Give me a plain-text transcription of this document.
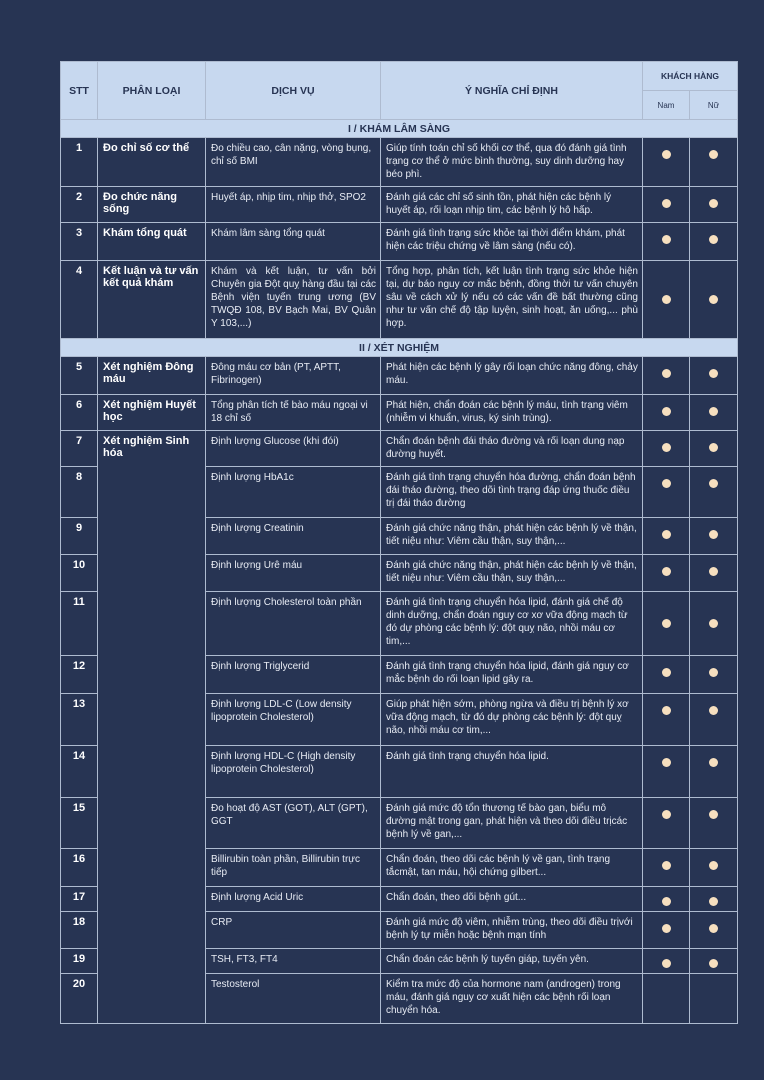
STT	PHÂN LOẠI	DỊCH VỤ	Ý NGHĨA CHỈ ĐỊNH	KHÁCH HÀNG	
				Nam	Nữ
I / KHÁM LÂM SÀNG					
1	Đo chỉ số cơ thể	Đo chiều cao, cân nặng, vòng bụng, chỉ số BMI	Giúp tính toán chỉ số khối cơ thể, qua đó đánh giá tình trạng cơ thể ở mức bình thường, suy dinh dưỡng hay béo phì.		
2	Đo chức năng sống	Huyết áp, nhịp tim, nhịp thở, SPO2	Đánh giá các chỉ số sinh tồn, phát hiện các bệnh lý huyết áp, rối loạn nhịp tim, các bệnh lý hô hấp.		
3	Khám tổng quát	Khám lâm sàng tổng quát	Đánh giá tình trạng sức khỏe tại thời điểm khám, phát hiện các triệu chứng về lâm sàng (nếu có).		
4	Kết luận và tư vấn kết quả khám	Khám và kết luận, tư vấn bởi Chuyên gia Đột quỵ hàng đầu tại các Bệnh viện tuyến trung ương (BV TWQĐ 108, BV Bạch Mai, BV Quân Y 103,...)	Tổng hợp, phân tích, kết luận tình trạng sức khỏe hiện tại, dự báo nguy cơ mắc bệnh, đồng thời tư vấn chuyên sâu về cách xử lý nếu có các vấn đề bất thường cũng như tư vấn chế độ tập luyện, sinh hoạt, ăn uống,... phù hợp.		
II / XÉT NGHIỆM					
5	Xét nghiệm Đông máu	Đông máu cơ bản (PT, APTT, Fibrinogen)	Phát hiện các bệnh lý gây rối loạn chức năng đông, chảy máu.		
6	Xét nghiệm Huyết học	Tổng phân tích tế bào máu ngoại vi 18 chỉ số	Phát hiện, chẩn đoán các bệnh lý máu, tình trạng viêm (nhiễm vi khuẩn, virus, ký sinh trùng).		
7	Xét nghiệm Sinh hóa	Định lượng Glucose (khi đói)	Chẩn đoán bệnh đái tháo đường và rối loạn dung nạp đường huyết.		
8		Định lượng HbA1c	Đánh giá tình trạng chuyển hóa đường, chẩn đoán bệnh đái tháo đường, theo dõi tình trạng đáp ứng thuốc điều trị đái tháo đường		
9		Định lượng Creatinin	Đánh giá chức năng thận, phát hiện các bệnh lý về thận, tiết niệu như: Viêm cầu thận, suy thận,...		
10		Định lượng Urê máu	Đánh giá chức năng thận, phát hiện các bệnh lý về thận, tiết niệu như: Viêm cầu thận, suy thận,...		
11		Định lượng Cholesterol toàn phần	Đánh giá tình trạng chuyển hóa lipid, đánh giá chế độ dinh dưỡng, chẩn đoán nguy cơ xơ vữa động mạch từ đó dự phòng các bệnh lý: đột quỵ não, nhồi máu cơ tim,...		
12		Định lượng Triglycerid	Đánh giá tình trạng chuyển hóa lipid, đánh giá nguy cơ mắc bệnh do rối loạn lipid gây ra.		
13		Định lượng LDL-C (Low density lipoprotein Cholesterol)	Giúp phát hiện sớm, phòng ngừa và điều trị bệnh lý xơ vữa động mạch, từ đó dự phòng các bệnh lý: đột quỵ não, nhồi máu cơ tim,...		
14		Định lượng HDL-C (High density lipoprotein Cholesterol)	Đánh giá tình trạng chuyển hóa lipid.		
15		Đo hoạt độ AST (GOT), ALT (GPT), GGT	Đánh giá mức độ tổn thương tế bào gan, biểu mô đường mật trong gan, phát hiện và theo dõi điều trịcác bệnh lý về gan,...		
16		Billirubin toàn phần, Billirubin trực tiếp	Chẩn đoán, theo dõi các bệnh lý về gan, tình trạng tắcmật, tan máu, hội chứng gilbert...		
17		Định lượng Acid Uric	Chẩn đoán, theo dõi bệnh gút...		
18		CRP	Đánh giá mức độ viêm, nhiễm trùng, theo dõi điều trịvới bệnh lý tự miễn hoặc bệnh mạn tính		
19		TSH, FT3, FT4	Chẩn đoán các bệnh lý tuyến giáp, tuyến yên.		
20		Testosterol	Kiểm tra mức độ của hormone nam (androgen) trong máu, đánh giá nguy cơ xuất hiện các bệnh rối loạn chuyển hóa.		
